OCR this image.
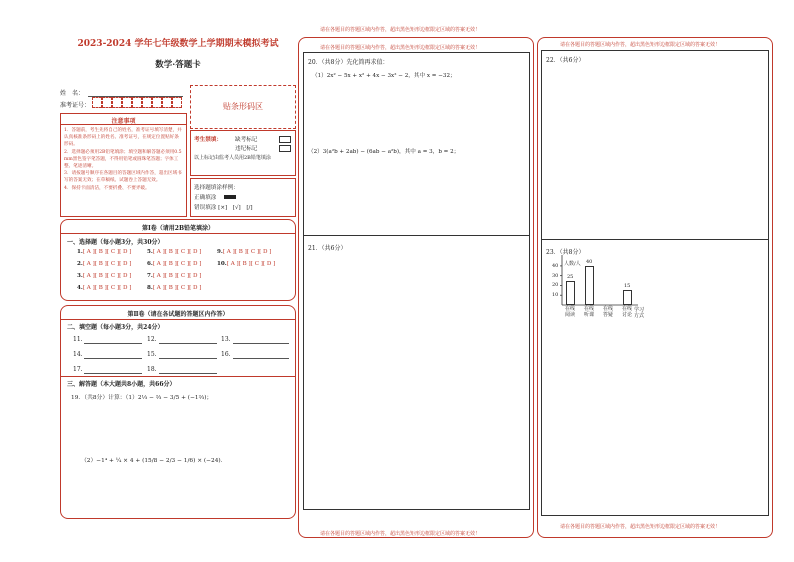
2023-2024 学年七年级数学上学期期末模拟考试
数学·答题卡
姓　名：
准考证号：	贴条形码区
注意事项
1．答题前，考生先将自己的姓名，准考证号填写清楚，并认真核准条形码上的姓名、准考证号，在规定位置贴好条形码。
2．选择题必须用2B铅笔填涂；填空题和解答题必须用0.5 mm黑色签字笔答题，不得用铅笔或圆珠笔答题；字体工整、笔迹清晰。
3．请按题号顺序在各题目的答题区域内作答，超出区域书写的答案无效；在草稿纸、试题卷上答题无效。
4．保持卡面清洁，不要折叠、不要弄破。
考生禁填： 缺考标记
违纪标记
以上标记由监考人员用2B铅笔填涂
选择题填涂样例：
正确填涂
错误填涂 [×]　[√]　[/]
第Ⅰ卷（请用2B铅笔填涂）
一、选择题（每小题3分，共30分）
1.[ A ][ B ][ C ][ D ]
2.[ A ][ B ][ C ][ D ]
3.[ A ][ B ][ C ][ D ]
4.[ A ][ B ][ C ][ D ]
5.[ A ][ B ][ C ][ D ]
6.[ A ][ B ][ C ][ D ]
7.[ A ][ B ][ C ][ D ]
8.[ A ][ B ][ C ][ D ]
9.[ A ][ B ][ C ][ D ]
10.[ A ][ B ][ C ][ D ]
第Ⅱ卷（请在各试题的答题区内作答）
二、填空题（每小题3分，共24分）
11.	12.	13.
14.	15.	16.
17.	18.
三、解答题（本大题共8小题，共66分）
19．（共8分）计算：（1）2⅓ − ⅔ − 3/5 + (−1⅔)；
（2）−1⁴ + ¼ × 4 + (15/8 − 2/3 − 1/6) × (−24)．
请在各题目的答题区域内作答，超出黑色矩形边框限定区域的答案无效！
请在各题目的答题区域内作答，超出黑色矩形边框限定区域的答案无效！
请在各题目的答题区域内作答，超出黑色矩形边框限定区域的答案无效！
20．（共8分）先化简再求值：
（1）2x² − 5x + x² + 4x − 3x² − 2，其中 x = −32；
（2）3(a²b + 2ab) − (6ab − a²b)，其中 a = 3，b = 2；
21．（共6分）
请在各题目的答题区域内作答，超出黑色矩形边框限定区域的答案无效！
请在各题目的答题区域内作答，超出黑色矩形边框限定区域的答案无效！
22．（共6分）
23．（共8分）
人数/人
学习方式
10
20
30
40
25
在线阅读
40
在线听课
在线答疑
15
在线讨论
